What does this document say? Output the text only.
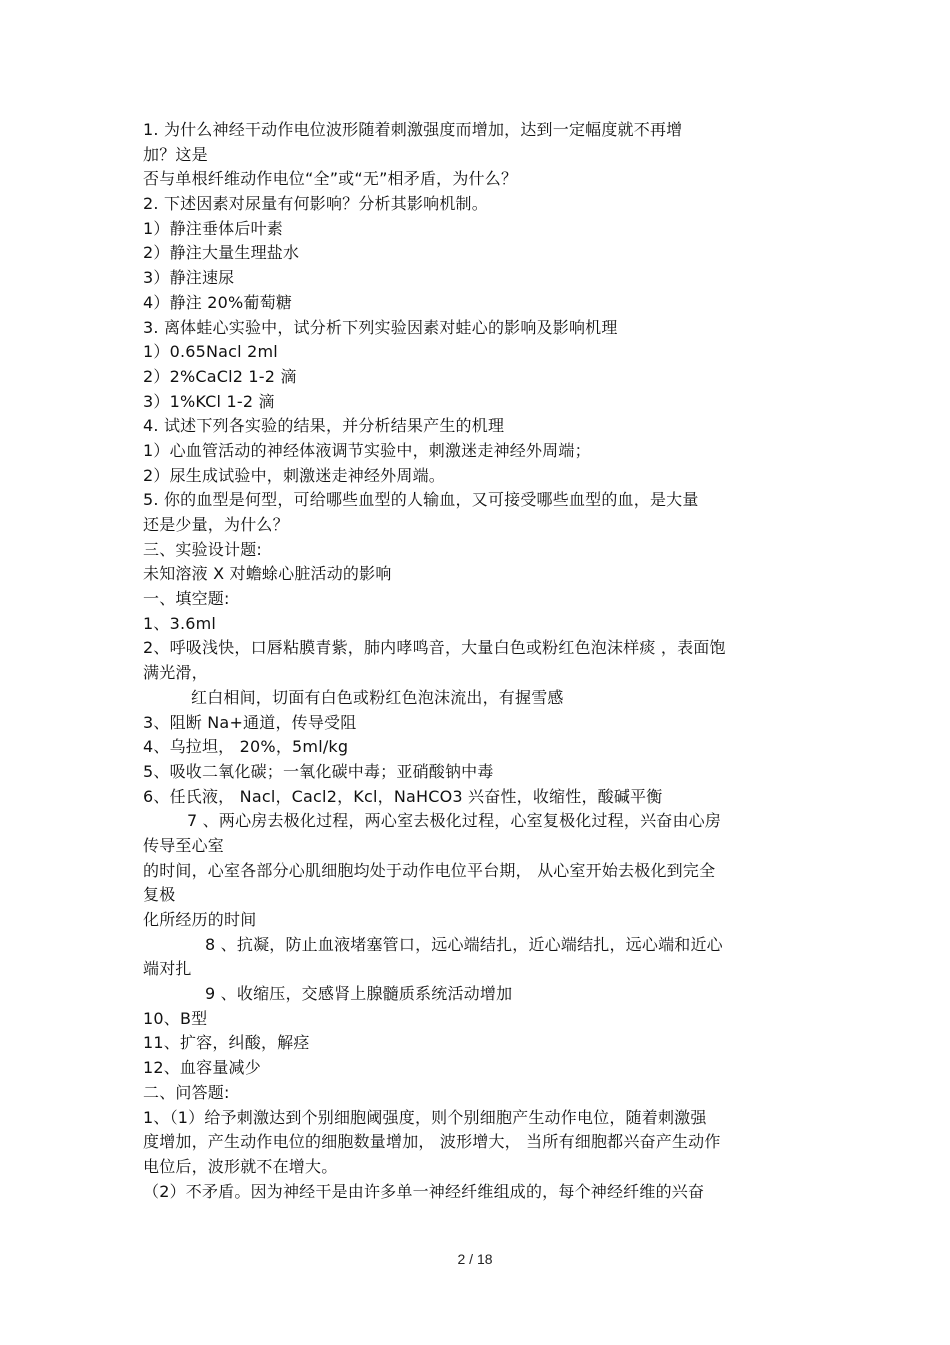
1. 为什么神经干动作电位波形随着刺激强度而增加，达到一定幅度就不再增
加？这是
否与单根纤维动作电位“全”或“无”相矛盾，为什么？
2. 下述因素对尿量有何影响？分析其影响机制。
1）静注垂体后叶素
2）静注大量生理盐水
3）静注速尿
4）静注 20%葡萄糖
3. 离体蛙心实验中，试分析下列实验因素对蛙心的影响及影响机理
1）0.65Nacl 2ml
2）2%CaCl2 1-2 滴
3）1%KCl 1-2 滴
4. 试述下列各实验的结果，并分析结果产生的机理
1）心血管活动的神经体液调节实验中，刺激迷走神经外周端；
2）尿生成试验中，刺激迷走神经外周端。
5. 你的血型是何型，可给哪些血型的人输血，又可接受哪些血型的血，是大量
还是少量，为什么？
三、实验设计题:
未知溶液 X 对蟾蜍心脏活动的影响
一、填空题:
1、3.6ml
2、呼吸浅快，口唇粘膜青紫，肺内哮鸣音，大量白色或粉红色泡沫样痰 ，表面饱
满光滑，
红白相间，切面有白色或粉红色泡沫流出，有握雪感
3、阻断 Na+通道，传导受阻
4、乌拉坦， 20%，5ml/kg
5、吸收二氧化碳；一氧化碳中毒；亚硝酸钠中毒
6、任氏液， Nacl，Cacl2，Kcl，NaHCO3 兴奋性，收缩性，酸碱平衡
7 、两心房去极化过程，两心室去极化过程，心室复极化过程，兴奋由心房
传导至心室
的时间，心室各部分心肌细胞均处于动作电位平台期， 从心室开始去极化到完全
复极
化所经历的时间
8 、抗凝，防止血液堵塞管口，远心端结扎，近心端结扎，远心端和近心
端对扎
9 、收缩压，交感肾上腺髓质系统活动增加
10、B型
11、扩容，纠酸，解痉
12、血容量减少
二、问答题:
1、（1）给予刺激达到个别细胞阈强度，则个别细胞产生动作电位，随着刺激强
度增加，产生动作电位的细胞数量增加， 波形增大， 当所有细胞都兴奋产生动作
电位后，波形就不在增大。
（2）不矛盾。因为神经干是由许多单一神经纤维组成的，每个神经纤维的兴奋
2 / 18
